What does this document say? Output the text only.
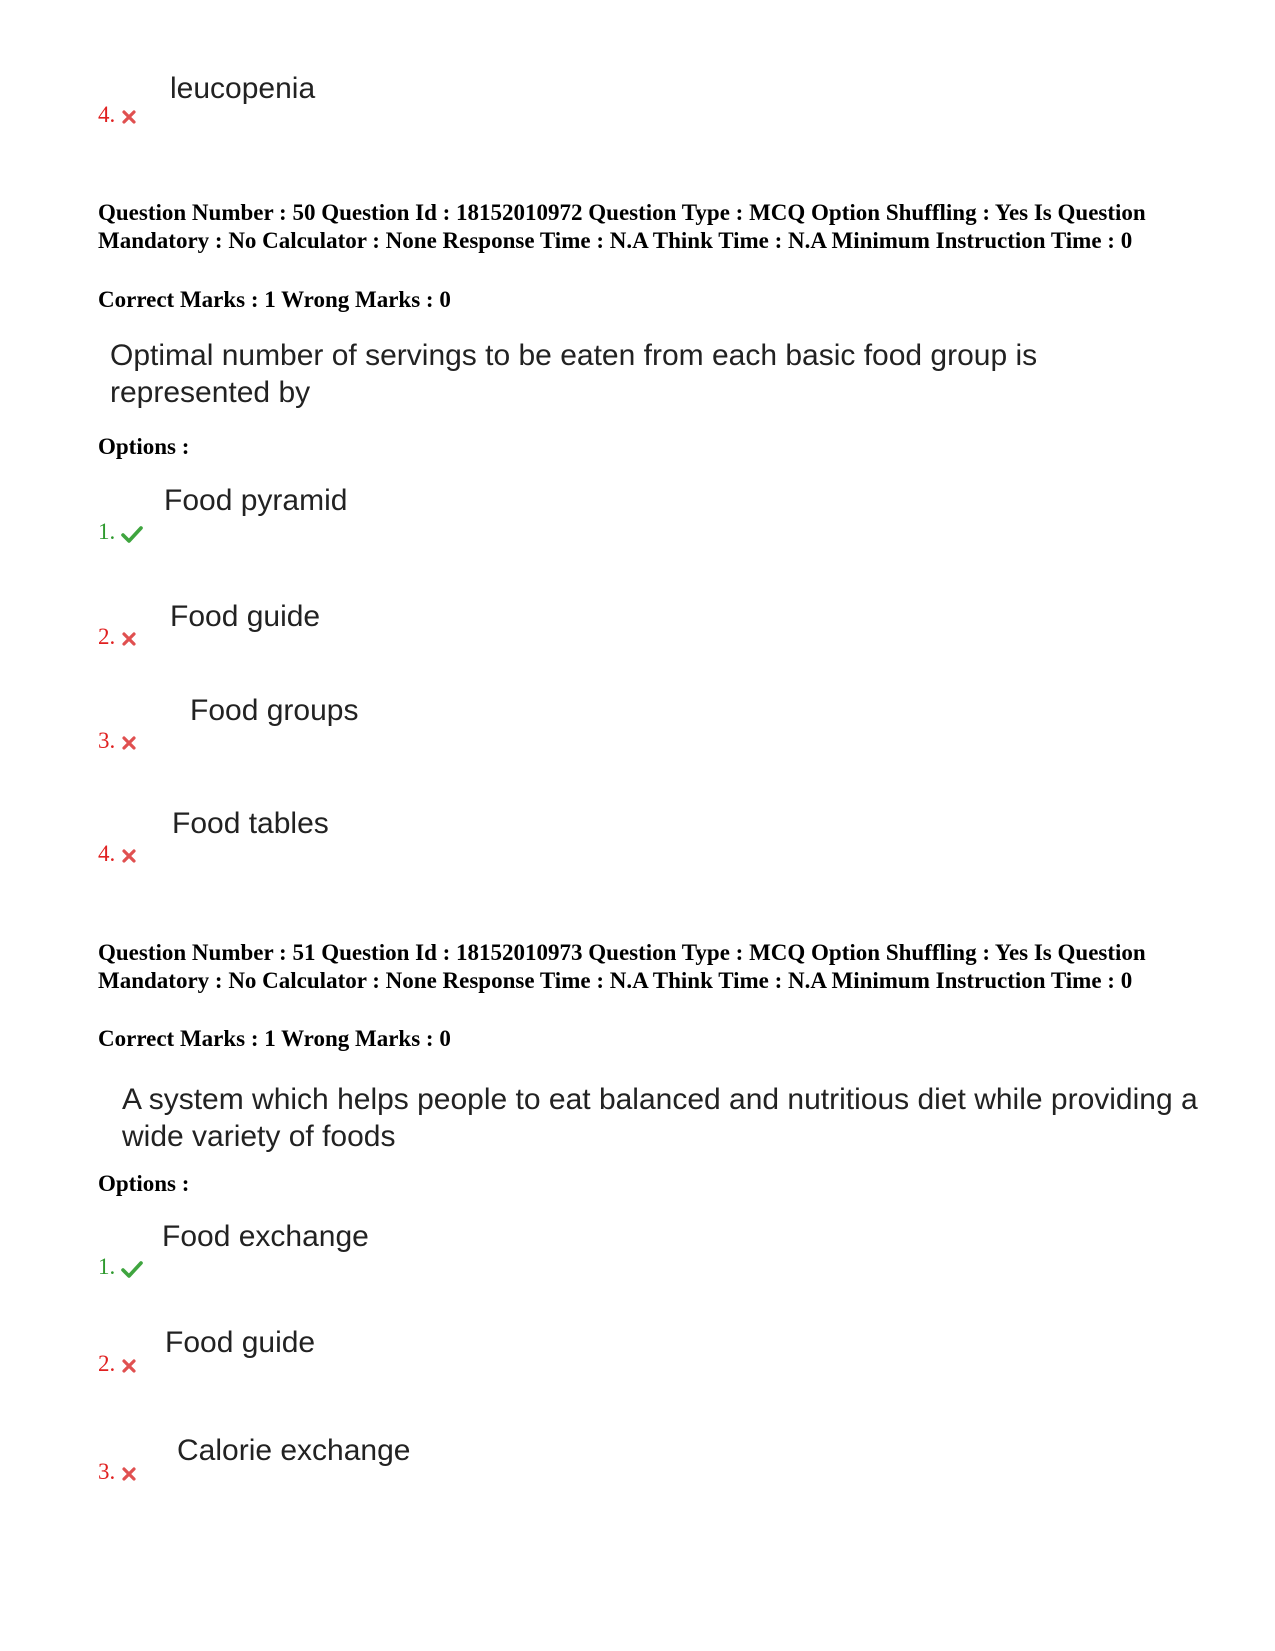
leucopenia
4.
Question Number : 50 Question Id : 18152010972 Question Type : MCQ Option Shuffling : Yes Is Question Mandatory : No Calculator : None Response Time : N.A Think Time : N.A Minimum Instruction Time : 0
Correct Marks : 1 Wrong Marks : 0
Optimal number of servings to be eaten from each basic food group is represented by
Options :
Food pyramid
1.
Food guide
2.
Food groups
3.
Food tables
4.
Question Number : 51 Question Id : 18152010973 Question Type : MCQ Option Shuffling : Yes Is Question Mandatory : No Calculator : None Response Time : N.A Think Time : N.A Minimum Instruction Time : 0
Correct Marks : 1 Wrong Marks : 0
A system which helps people to eat balanced and nutritious diet while providing a wide variety of foods
Options :
Food exchange
1.
Food guide
2.
Calorie exchange
3.
